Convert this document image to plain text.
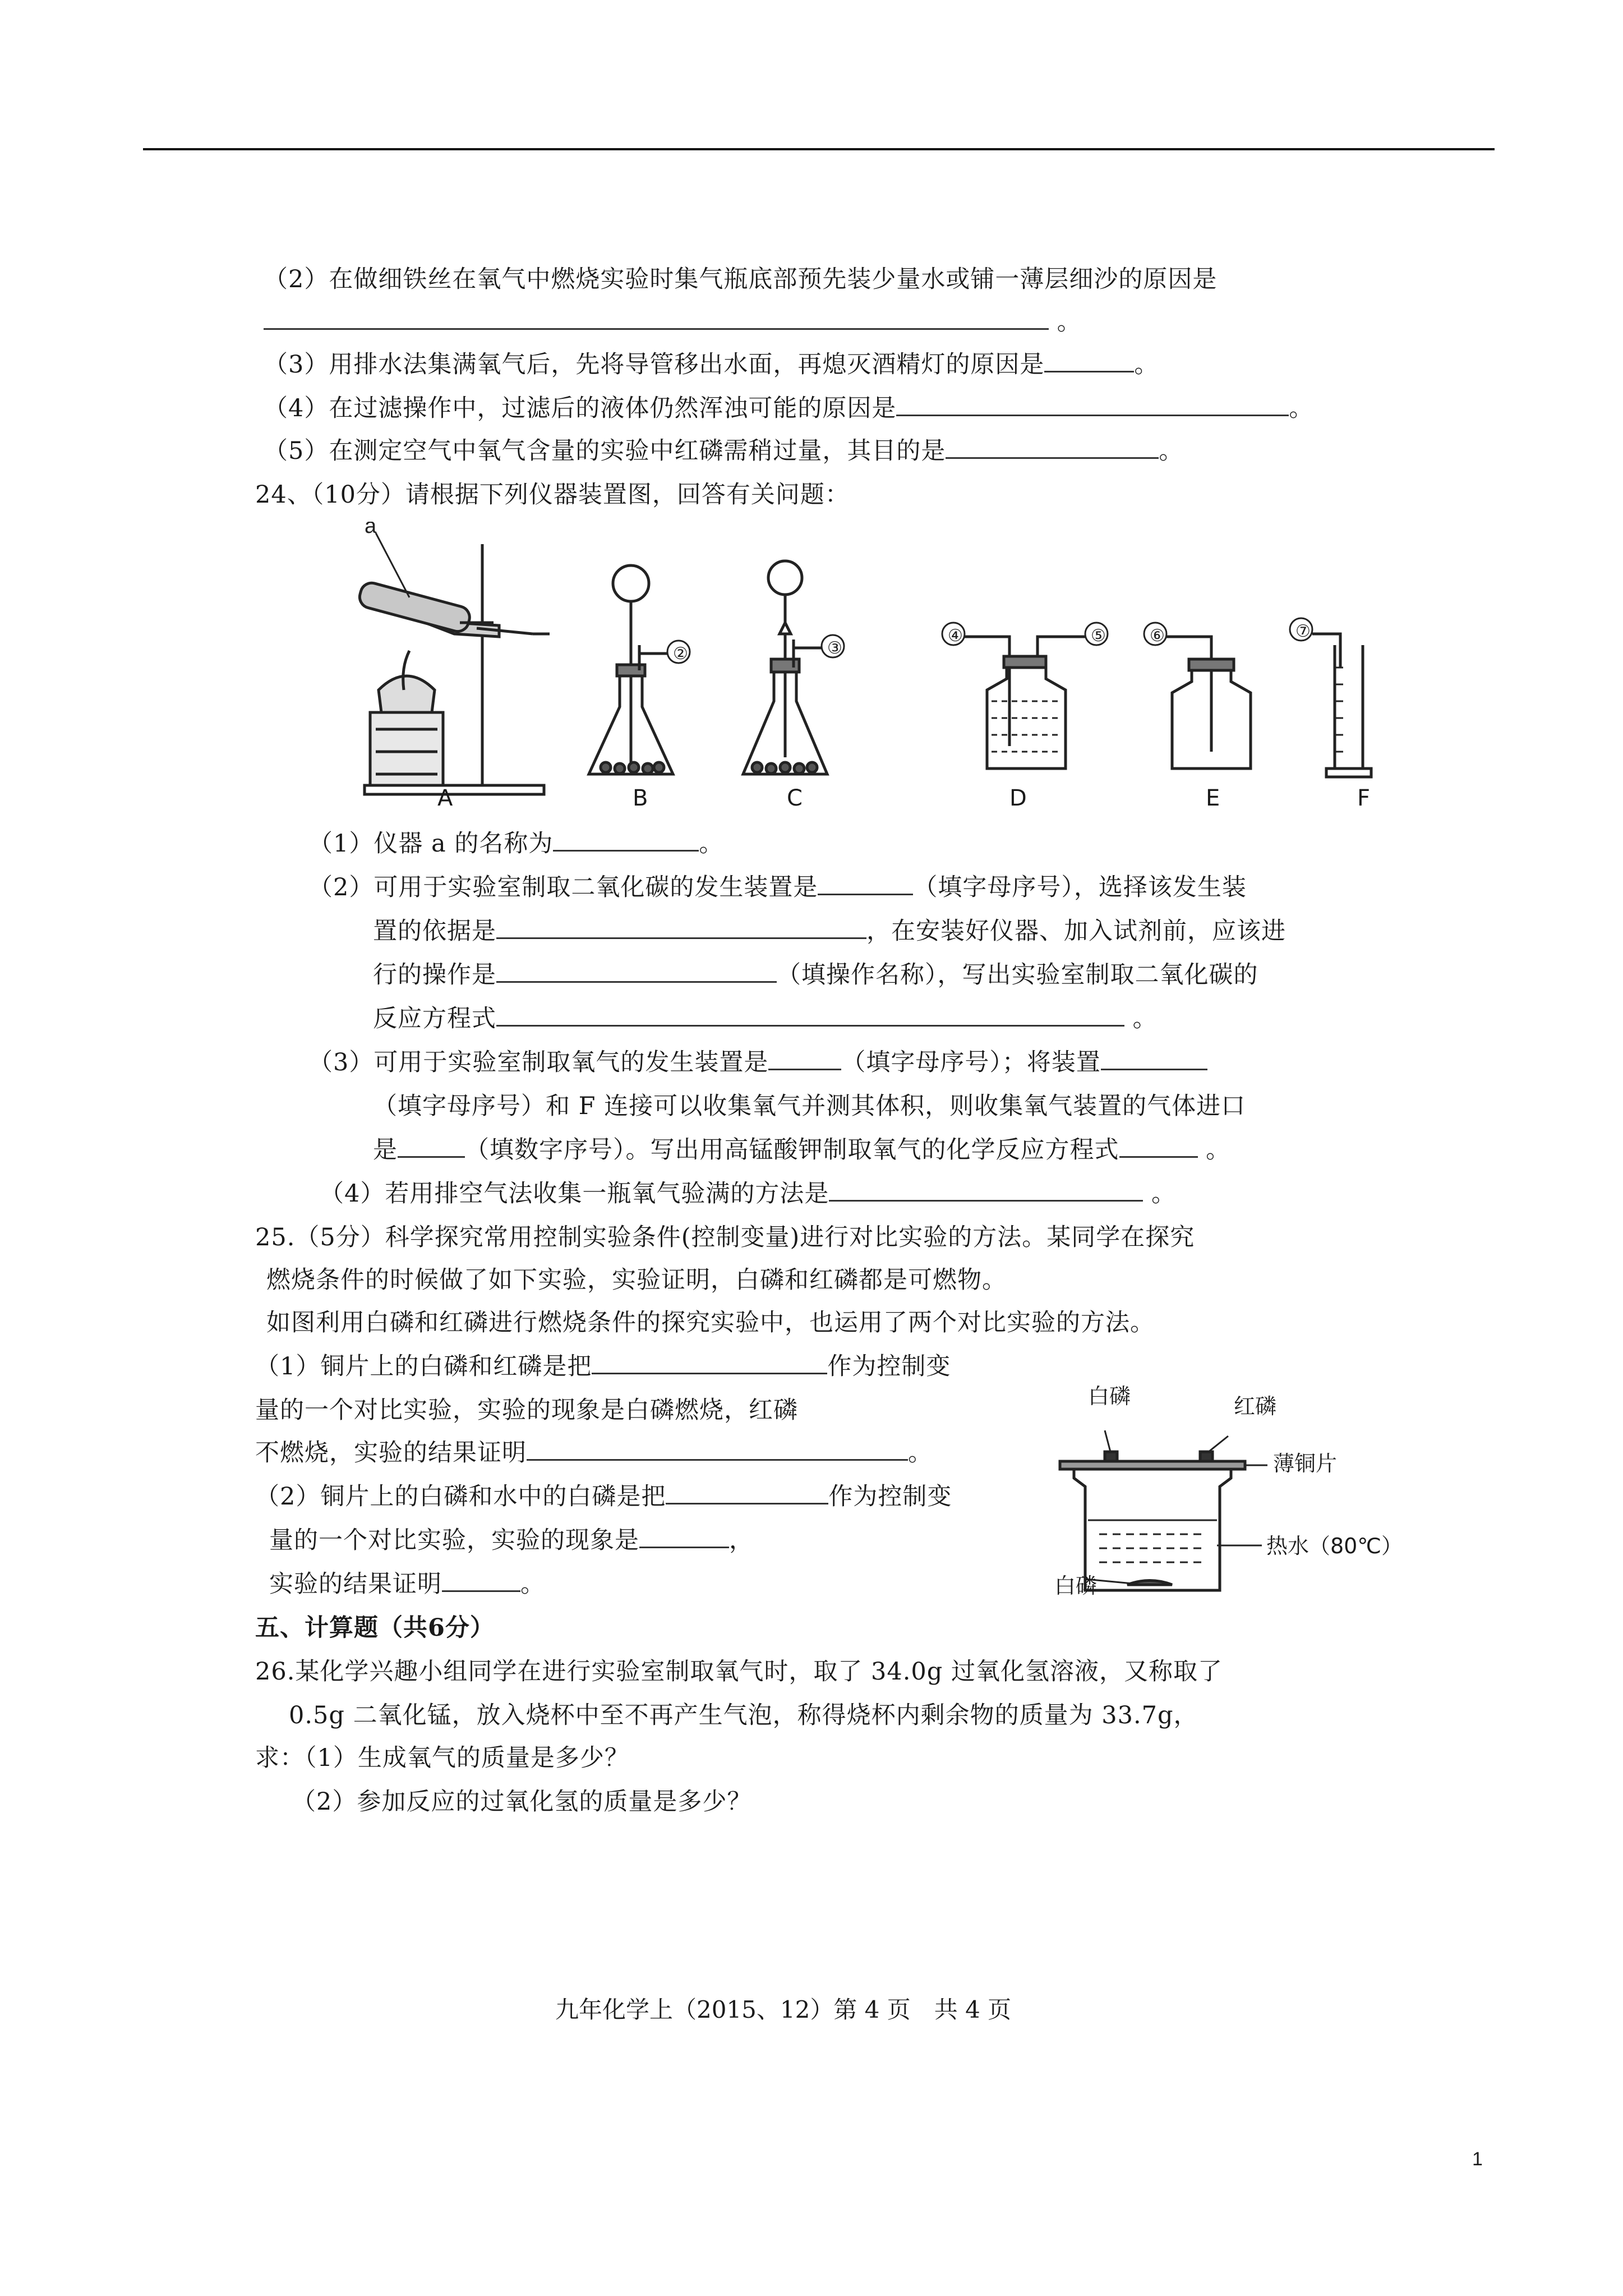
（2）在做细铁丝在氧气中燃烧实验时集气瓶底部预先装少量水或铺一薄层细沙的原因是
。
（3）用排水法集满氧气后，先将导管移出水面，再熄灭酒精灯的原因是	。
（4）在过滤操作中，过滤后的液体仍然浑浊可能的原因是	。
（5）在测定空气中氧气含量的实验中红磷需稍过量，其目的是	。
24、（10分）请根据下列仪器装置图，回答有关问题：
a
②	③
④	⑤	⑥	⑦
A	B	C	D	E	F
（1）仪器 a 的名称为	。
（2）可用于实验室制取二氧化碳的发生装置是	（填字母序号），选择该发生装
置的依据是	，在安装好仪器、加入试剂前，应该进
行的操作是	（填操作名称），写出实验室制取二氧化碳的
反应方程式	。
（3）可用于实验室制取氧气的发生装置是	（填字母序号）；将装置
（填字母序号）和 F 连接可以收集氧气并测其体积，则收集氧气装置的气体进口
是	（填数字序号）。写出用高锰酸钾制取氧气的化学反应方程式	。
（4）若用排空气法收集一瓶氧气验满的方法是	。
25.（5分）科学探究常用控制实验条件(控制变量)进行对比实验的方法。某同学在探究
燃烧条件的时候做了如下实验，实验证明，白磷和红磷都是可燃物。
如图利用白磷和红磷进行燃烧条件的探究实验中，也运用了两个对比实验的方法。
（1）铜片上的白磷和红磷是把	作为控制变
量的一个对比实验，实验的现象是白磷燃烧，红磷
不燃烧，实验的结果证明	。
（2）铜片上的白磷和水中的白磷是把	作为控制变
量的一个对比实验，实验的现象是	，
实验的结果证明	。
白磷	红磷
薄铜片
热水（80℃）
白磷
五、计算题（共6分）
26.某化学兴趣小组同学在进行实验室制取氧气时，取了 34.0g 过氧化氢溶液，又称取了
0.5g 二氧化锰，放入烧杯中至不再产生气泡，称得烧杯内剩余物的质量为 33.7g，
求：（1）生成氧气的质量是多少？
（2）参加反应的过氧化氢的质量是多少？
九年化学上（2015、12）第 4 页　共 4 页
1
